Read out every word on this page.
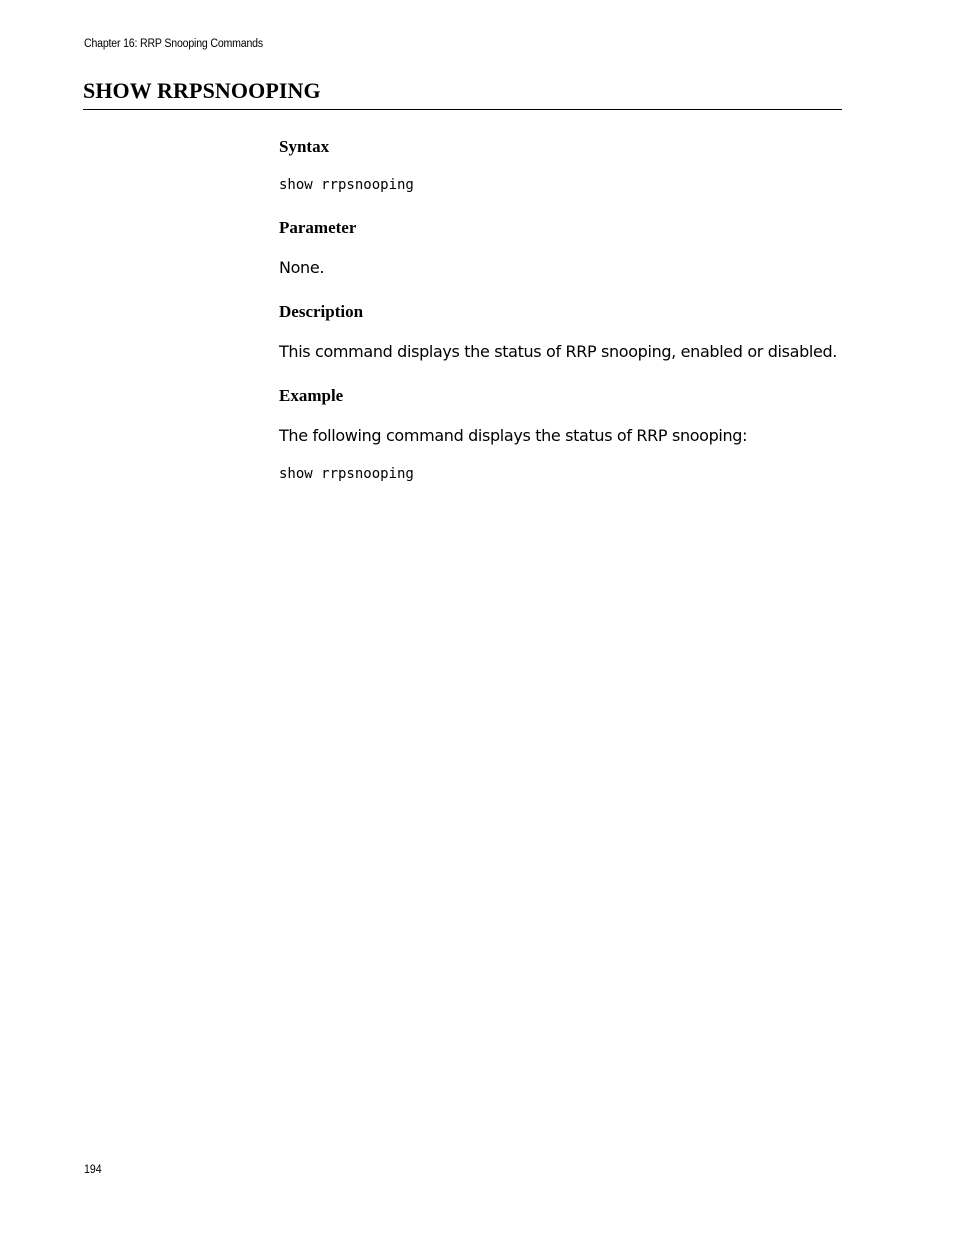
Chapter 16: RRP Snooping Commands
SHOW RRPSNOOPING
Syntax
show rrpsnooping
Parameter

None.

Description

This command displays the status of RRP snooping, enabled or disabled.

Example

The following command displays the status of RRP snooping:

show rrpsnooping
194
